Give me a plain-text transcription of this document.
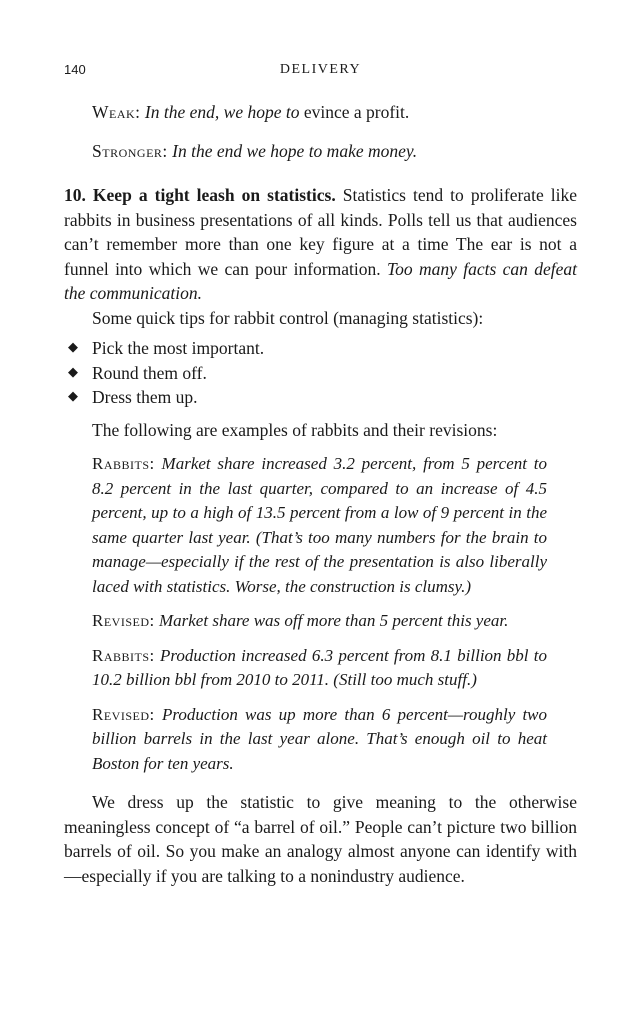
140	DELIVERY

Weak: In the end, we hope to evince a profit.

Stronger: In the end we hope to make money.

10. Keep a tight leash on statistics. Statistics tend to proliferate like rabbits in business presentations of all kinds. Polls tell us that audiences can’t remember more than one key figure at a time The ear is not a funnel into which we can pour information. Too many facts can defeat the communication.

Some quick tips for rabbit control (managing statistics):

◆ Pick the most important.
◆ Round them off.
◆ Dress them up.

The following are examples of rabbits and their revisions:

Rabbits: Market share increased 3.2 percent, from 5 percent to 8.2 percent in the last quarter, compared to an increase of 4.5 percent, up to a high of 13.5 percent from a low of 9 percent in the same quarter last year. (That’s too many numbers for the brain to manage—especially if the rest of the presentation is also liberally laced with statistics. Worse, the construction is clumsy.)

Revised: Market share was off more than 5 percent this year.

Rabbits: Production increased 6.3 percent from 8.1 billion bbl to 10.2 billion bbl from 2010 to 2011. (Still too much stuff.)

Revised: Production was up more than 6 percent—roughly two billion barrels in the last year alone. That’s enough oil to heat Boston for ten years.

We dress up the statistic to give meaning to the otherwise meaningless concept of “a barrel of oil.” People can’t picture two billion barrels of oil. So you make an analogy almost anyone can identify with—especially if you are talking to a nonindustry audience.
